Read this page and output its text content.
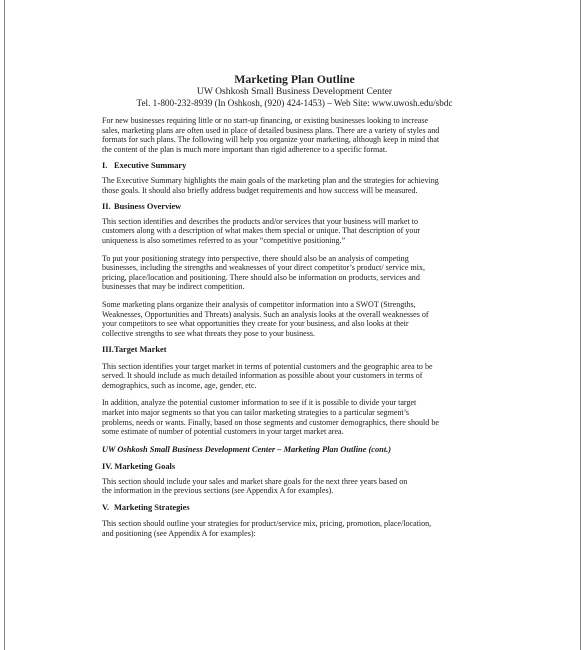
Marketing Plan Outline
UW Oshkosh Small Business Development Center
Tel. 1-800-232-8939 (In Oshkosh, (920) 424-1453) – Web Site: www.uwosh.edu/sbdc
For new businesses requiring little or no start-up financing, or existing businesses looking to increase
sales, marketing plans are often used in place of detailed business plans. There are a variety of styles and
formats for such plans. The following will help you organize your marketing, although keep in mind that
the content of the plan is much more important than rigid adherence to a specific format.
I. Executive Summary
The Executive Summary highlights the main goals of the marketing plan and the strategies for achieving
those goals. It should also briefly address budget requirements and how success will be measured.
II. Business Overview
This section identifies and describes the products and/or services that your business will market to
customers along with a description of what makes them special or unique. That description of your
uniqueness is also sometimes referred to as your “competitive positioning.”
To put your positioning strategy into perspective, there should also be an analysis of competing
businesses, including the strengths and weaknesses of your direct competitor’s product/ service mix,
pricing, place/location and positioning. There should also be information on products, services and
businesses that may be indirect competition.
Some marketing plans organize their analysis of competitor information into a SWOT (Strengths,
Weaknesses, Opportunities and Threats) analysis. Such an analysis looks at the overall weaknesses of
your competitors to see what opportunities they create for your business, and also looks at their
collective strengths to see what threats they pose to your business.
III.Target Market
This section identifies your target market in terms of potential customers and the geographic area to be
served. It should include as much detailed information as possible about your customers in terms of
demographics, such as income, age, gender, etc.
In addition, analyze the potential customer information to see if it is possible to divide your target
market into major segments so that you can tailor marketing strategies to a particular segment’s
problems, needs or wants. Finally, based on those segments and customer demographics, there should be
some estimate of number of potential customers in your target market area.
UW Oshkosh Small Business Development Center – Marketing Plan Outline (cont.)
IV. Marketing Goals
This section should include your sales and market share goals for the next three years based on
the information in the previous sections (see Appendix A for examples).
V. Marketing Strategies
This section should outline your strategies for product/service mix, pricing, promotion, place/location,
and positioning (see Appendix A for examples):
